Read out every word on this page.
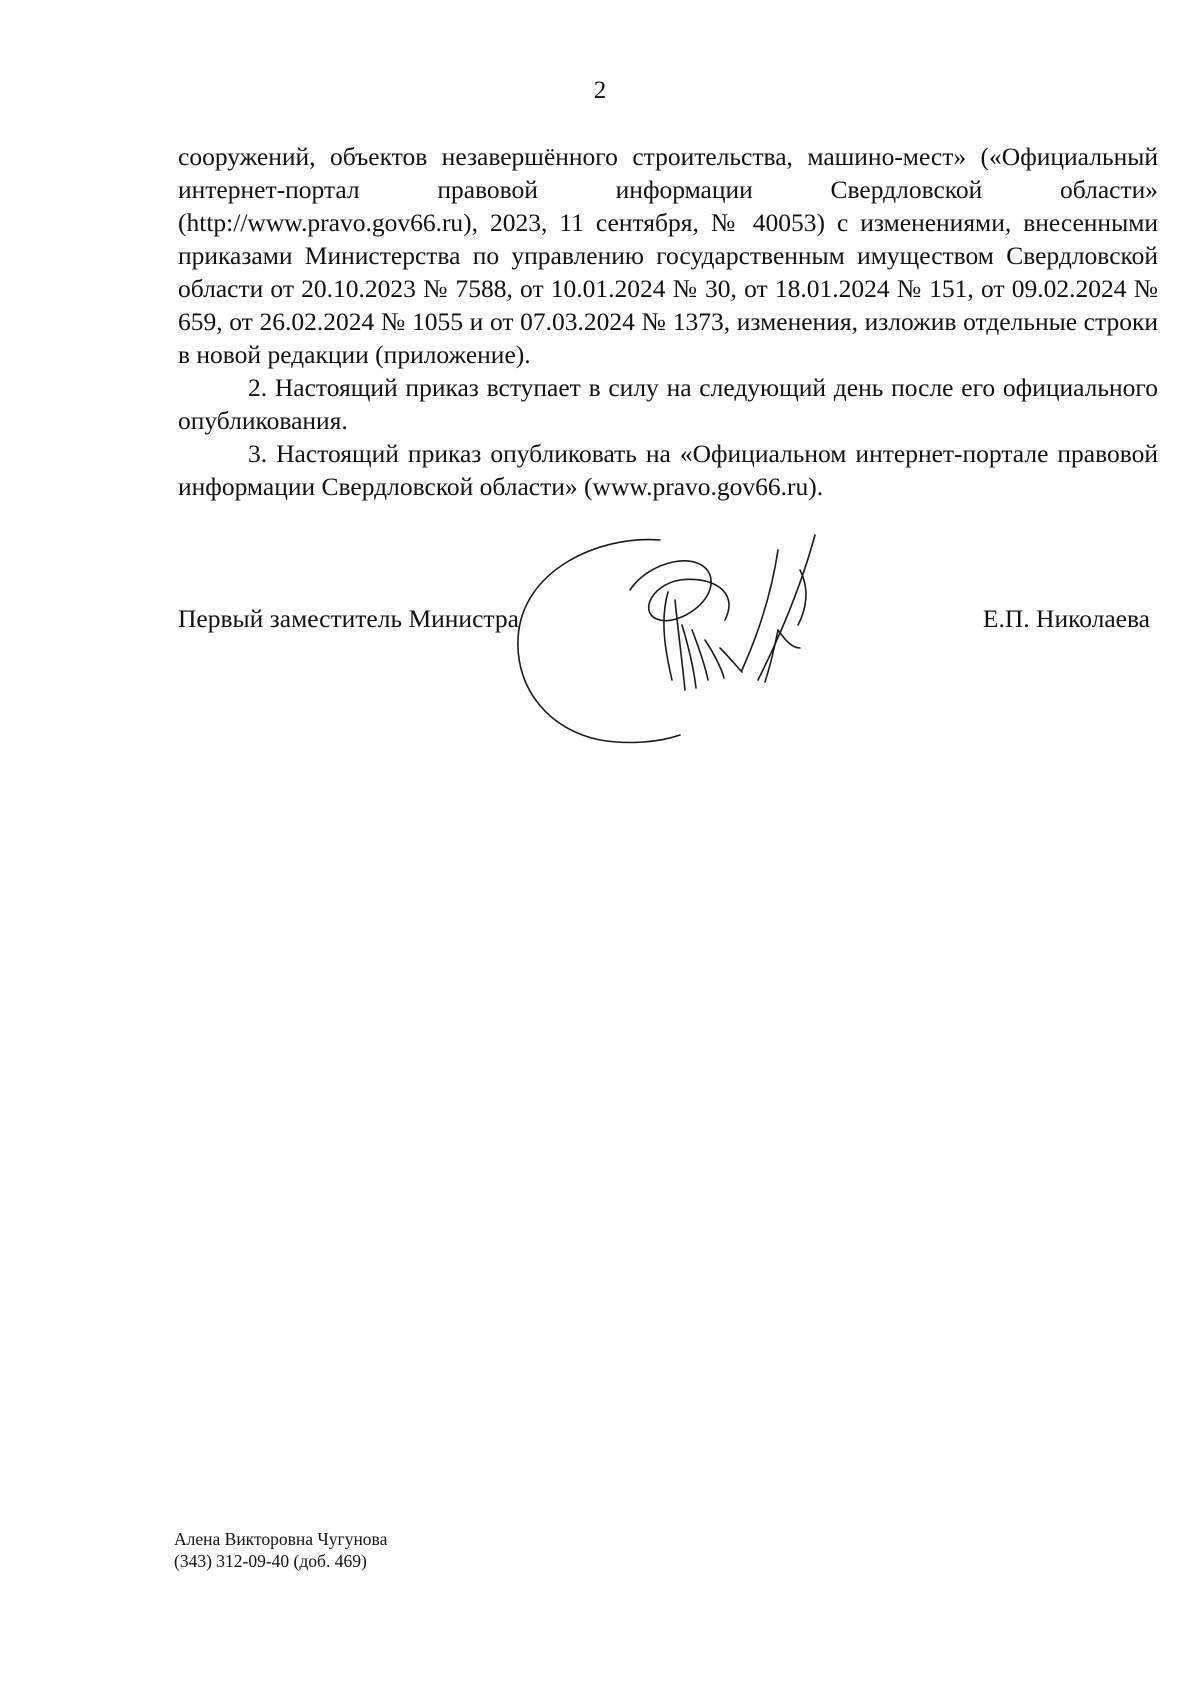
2

сооружений, объектов незавершённого строительства, машино-мест» («Официальный интернет-портал правовой информации Свердловской области» (http://www.pravo.gov66.ru), 2023, 11 сентября, № 40053) с изменениями, внесенными приказами Министерства по управлению государственным имуществом Свердловской области от 20.10.2023 № 7588, от 10.01.2024 № 30, от 18.01.2024 № 151, от 09.02.2024 № 659, от 26.02.2024 № 1055 и от 07.03.2024 № 1373, изменения, изложив отдельные строки в новой редакции (приложение).

2. Настоящий приказ вступает в силу на следующий день после его официального опубликования.

3. Настоящий приказ опубликовать на «Официальном интернет-портале правовой информации Свердловской области» (www.pravo.gov66.ru).

Первый заместитель Министра	Е.П. Николаева
Алена Викторовна Чугунова
(343) 312-09-40 (доб. 469)
